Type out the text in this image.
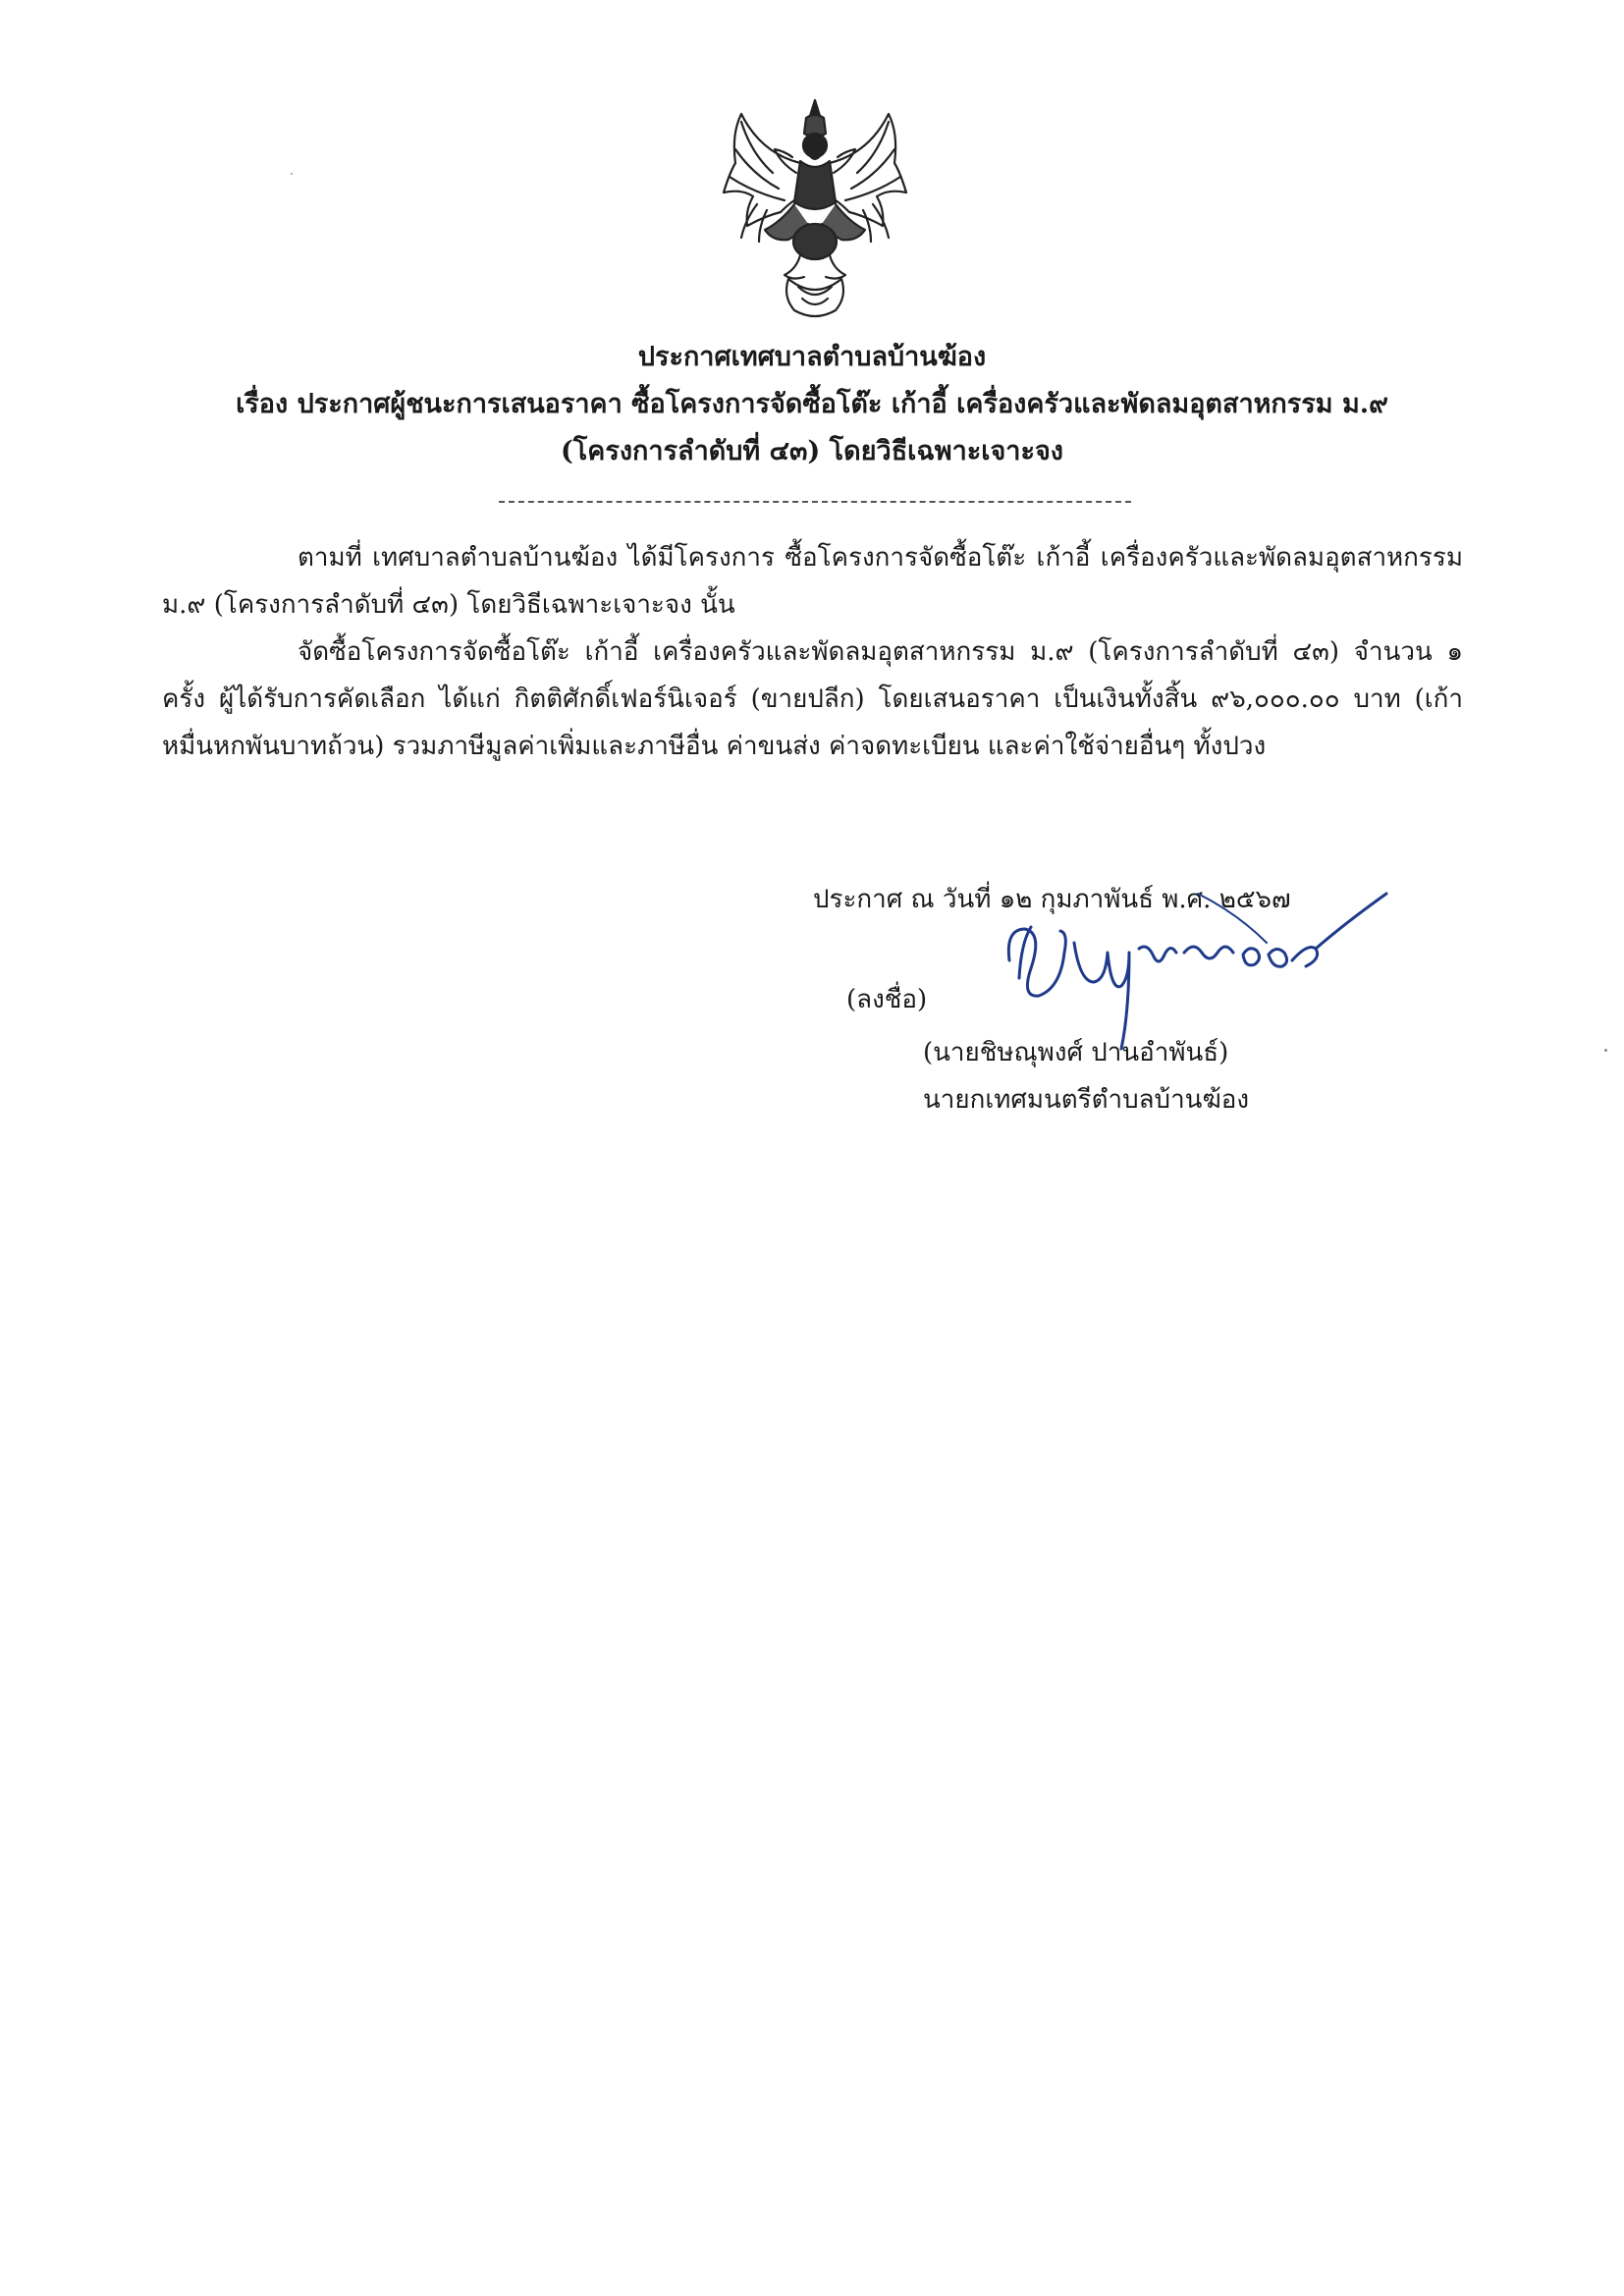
ประกาศเทศบาลตำบลบ้านฆ้อง
เรื่อง ประกาศผู้ชนะการเสนอราคา ซื้อโครงการจัดซื้อโต๊ะ เก้าอี้ เครื่องครัวและพัดลมอุตสาหกรรม ม.๙
(โครงการลำดับที่ ๔๓) โดยวิธีเฉพาะเจาะจง
ตามที่ เทศบาลตำบลบ้านฆ้อง ได้มีโครงการ ซื้อโครงการจัดซื้อโต๊ะ เก้าอี้ เครื่องครัวและพัดลมอุตสาหกรรม ม.๙ (โครงการลำดับที่ ๔๓) โดยวิธีเฉพาะเจาะจง นั้น
จัดซื้อโครงการจัดซื้อโต๊ะ เก้าอี้ เครื่องครัวและพัดลมอุตสาหกรรม ม.๙ (โครงการลำดับที่ ๔๓) จำนวน ๑ ครั้ง ผู้ได้รับการคัดเลือก ได้แก่ กิตติศักดิ์เฟอร์นิเจอร์ (ขายปลีก) โดยเสนอราคา เป็นเงินทั้งสิ้น ๙๖,๐๐๐.๐๐ บาท (เก้าหมื่นหกพันบาทถ้วน) รวมภาษีมูลค่าเพิ่มและภาษีอื่น ค่าขนส่ง ค่าจดทะเบียน และค่าใช้จ่ายอื่นๆ ทั้งปวง
ประกาศ ณ วันที่ ๑๒ กุมภาพันธ์ พ.ศ. ๒๕๖๗
(ลงชื่อ)
(นายชิษณุพงศ์ ปานอำพันธ์)
นายกเทศมนตรีตำบลบ้านฆ้อง
